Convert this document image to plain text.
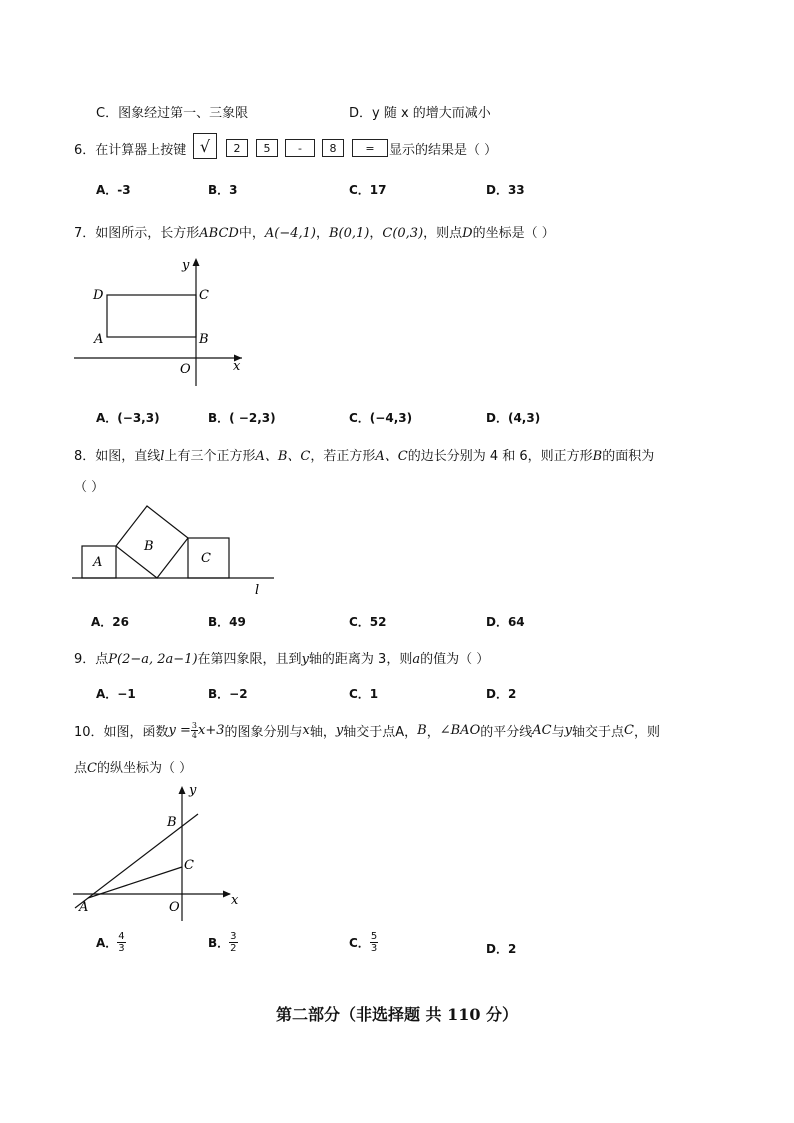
C．图象经过第一、三象限	D．y 随 x 的增大而减小
6．在计算器上按键 √	2	5	-	8	=	显示的结果是（ ）
A．-3	B．3	C．17	D．33
7．如图所示，长方形ABCD中，A(−4,1)，B(0,1)，C(0,3)，则点D的坐标是（ ）
y
x
D	C
A	B
O
A．(−3,3)	B．( −2,3)	C．(−4,3)	D．(4,3)
8．如图，直线l上有三个正方形A、B、C，若正方形A、C的边长分别为 4 和 6，则正方形B的面积为
（ ）
A
B
C
l
A．26	B．49	C．52	D．64
9．点P(2−a, 2a−1)在第四象限，且到y轴的距离为 3，则a的值为（ ）
A．−1	B．−2	C．1	D．2
10．如图，函数 $y = \frac{3}{4} x+3$ 的图象分别与 x 轴， y 轴交于点A， B ， ∠BAO 的平分线 AC 与 y 轴交于点 C ，则
点C的纵坐标为（ ）
y
x
B
C
A	O
A． $\frac{4}{3}$	B． $\frac{3}{2}$	C． $\frac{5}{3}$	D．2
第二部分（非选择题 共 110 分）
